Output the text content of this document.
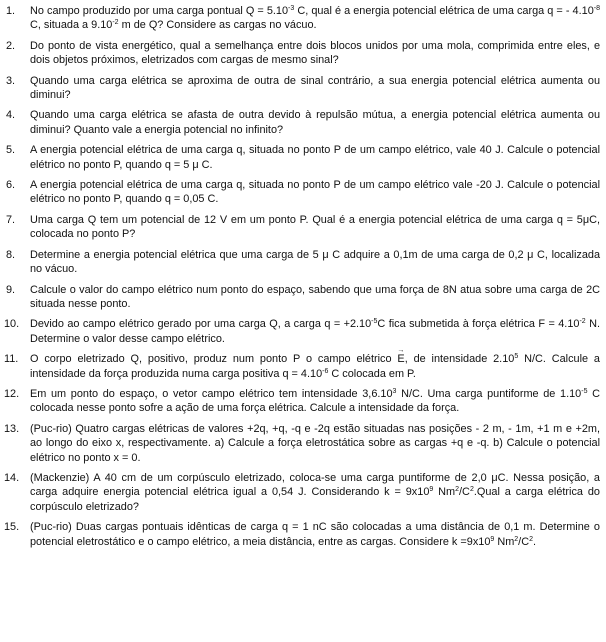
1.	No campo produzido por uma carga pontual $Q = 5.10^{-3}$ C, qual é a energia potencial elétrica de uma carga q = - $4.10^{-8}$ C, situada a $9.10^{-2}$ m de Q? Considere as cargas no vácuo.
2.	Do ponto de vista energético, qual a semelhança entre dois blocos unidos por uma mola, comprimida entre eles, e dois objetos próximos, eletrizados com cargas de mesmo sinal?
3.	Quando uma carga elétrica se aproxima de outra de sinal contrário, a sua energia potencial elétrica aumenta ou diminui?
4.	Quando uma carga elétrica se afasta de outra devido à repulsão mútua, a energia potencial elétrica aumenta ou diminui? Quanto vale a energia potencial no infinito?
5.	A energia potencial elétrica de uma carga q, situada no ponto P de um campo elétrico, vale 40 J. Calcule o potencial elétrico no ponto P, quando q = 5 μ C.
6.	A energia potencial elétrica de uma carga q, situada no ponto P de um campo elétrico vale -20 J. Calcule o potencial elétrico no ponto P, quando q = 0,05 C.
7.	Uma carga Q tem um potencial de 12 V em um ponto P. Qual é a energia potencial elétrica de uma carga q = 5μC, colocada no ponto P?
8.	Determine a energia potencial elétrica que uma carga de 5 μ C adquire a 0,1m de uma carga de 0,2 μ C, localizada no vácuo.
9.	Calcule o valor do campo elétrico num ponto do espaço, sabendo que uma força de 8N atua sobre uma carga de 2C situada nesse ponto.
10. Devido ao campo elétrico gerado por uma carga Q, a carga $q = +2.10^{-5}C$ fica submetida à força elétrica $F = 4.10^{-2}$ N. Determine o valor desse campo elétrico.
11.	O corpo eletrizado Q, positivo, produz num ponto P o campo elétrico → E, de intensidade 2.10$^5$ N/C. Calcule a intensidade da força produzida numa carga positiva $q = 4.10^{-6}$ C colocada em P.
12. Em um ponto do espaço, o vetor campo elétrico tem intensidade 3,6.10$^3$ N/C. Uma carga puntiforme de $1.10^{-5}$ C colocada nesse ponto sofre a ação de uma força elétrica. Calcule a intensidade da força.
13. (Puc-rio) Quatro cargas elétricas de valores +2q, +q, -q e -2q estão situadas nas posições - 2 m, - 1m, +1 m e +2m, ao longo do eixo x, respectivamente. a) Calcule a força eletrostática sobre as cargas +q e -q. b) Calcule o potencial elétrico no ponto x = 0.
14. (Mackenzie) A 40 cm de um corpúsculo eletrizado, coloca-se uma carga puntiforme de 2,0 μC. Nessa posição, a carga adquire energia potencial elétrica igual a 0,54 J. Considerando $k = 9x10^9$ $Nm^2/C^2.Qual$ a carga elétrica do corpúsculo eletrizado?
15. (Puc-rio) Duas cargas pontuais idênticas de carga q = 1 nC são colocadas a uma distância de 0,1 m. Determine o potencial eletrostático e o campo elétrico, a meia distância, entre as cargas. Considere $k =9x10^9$ $Nm^2/C^2$.
